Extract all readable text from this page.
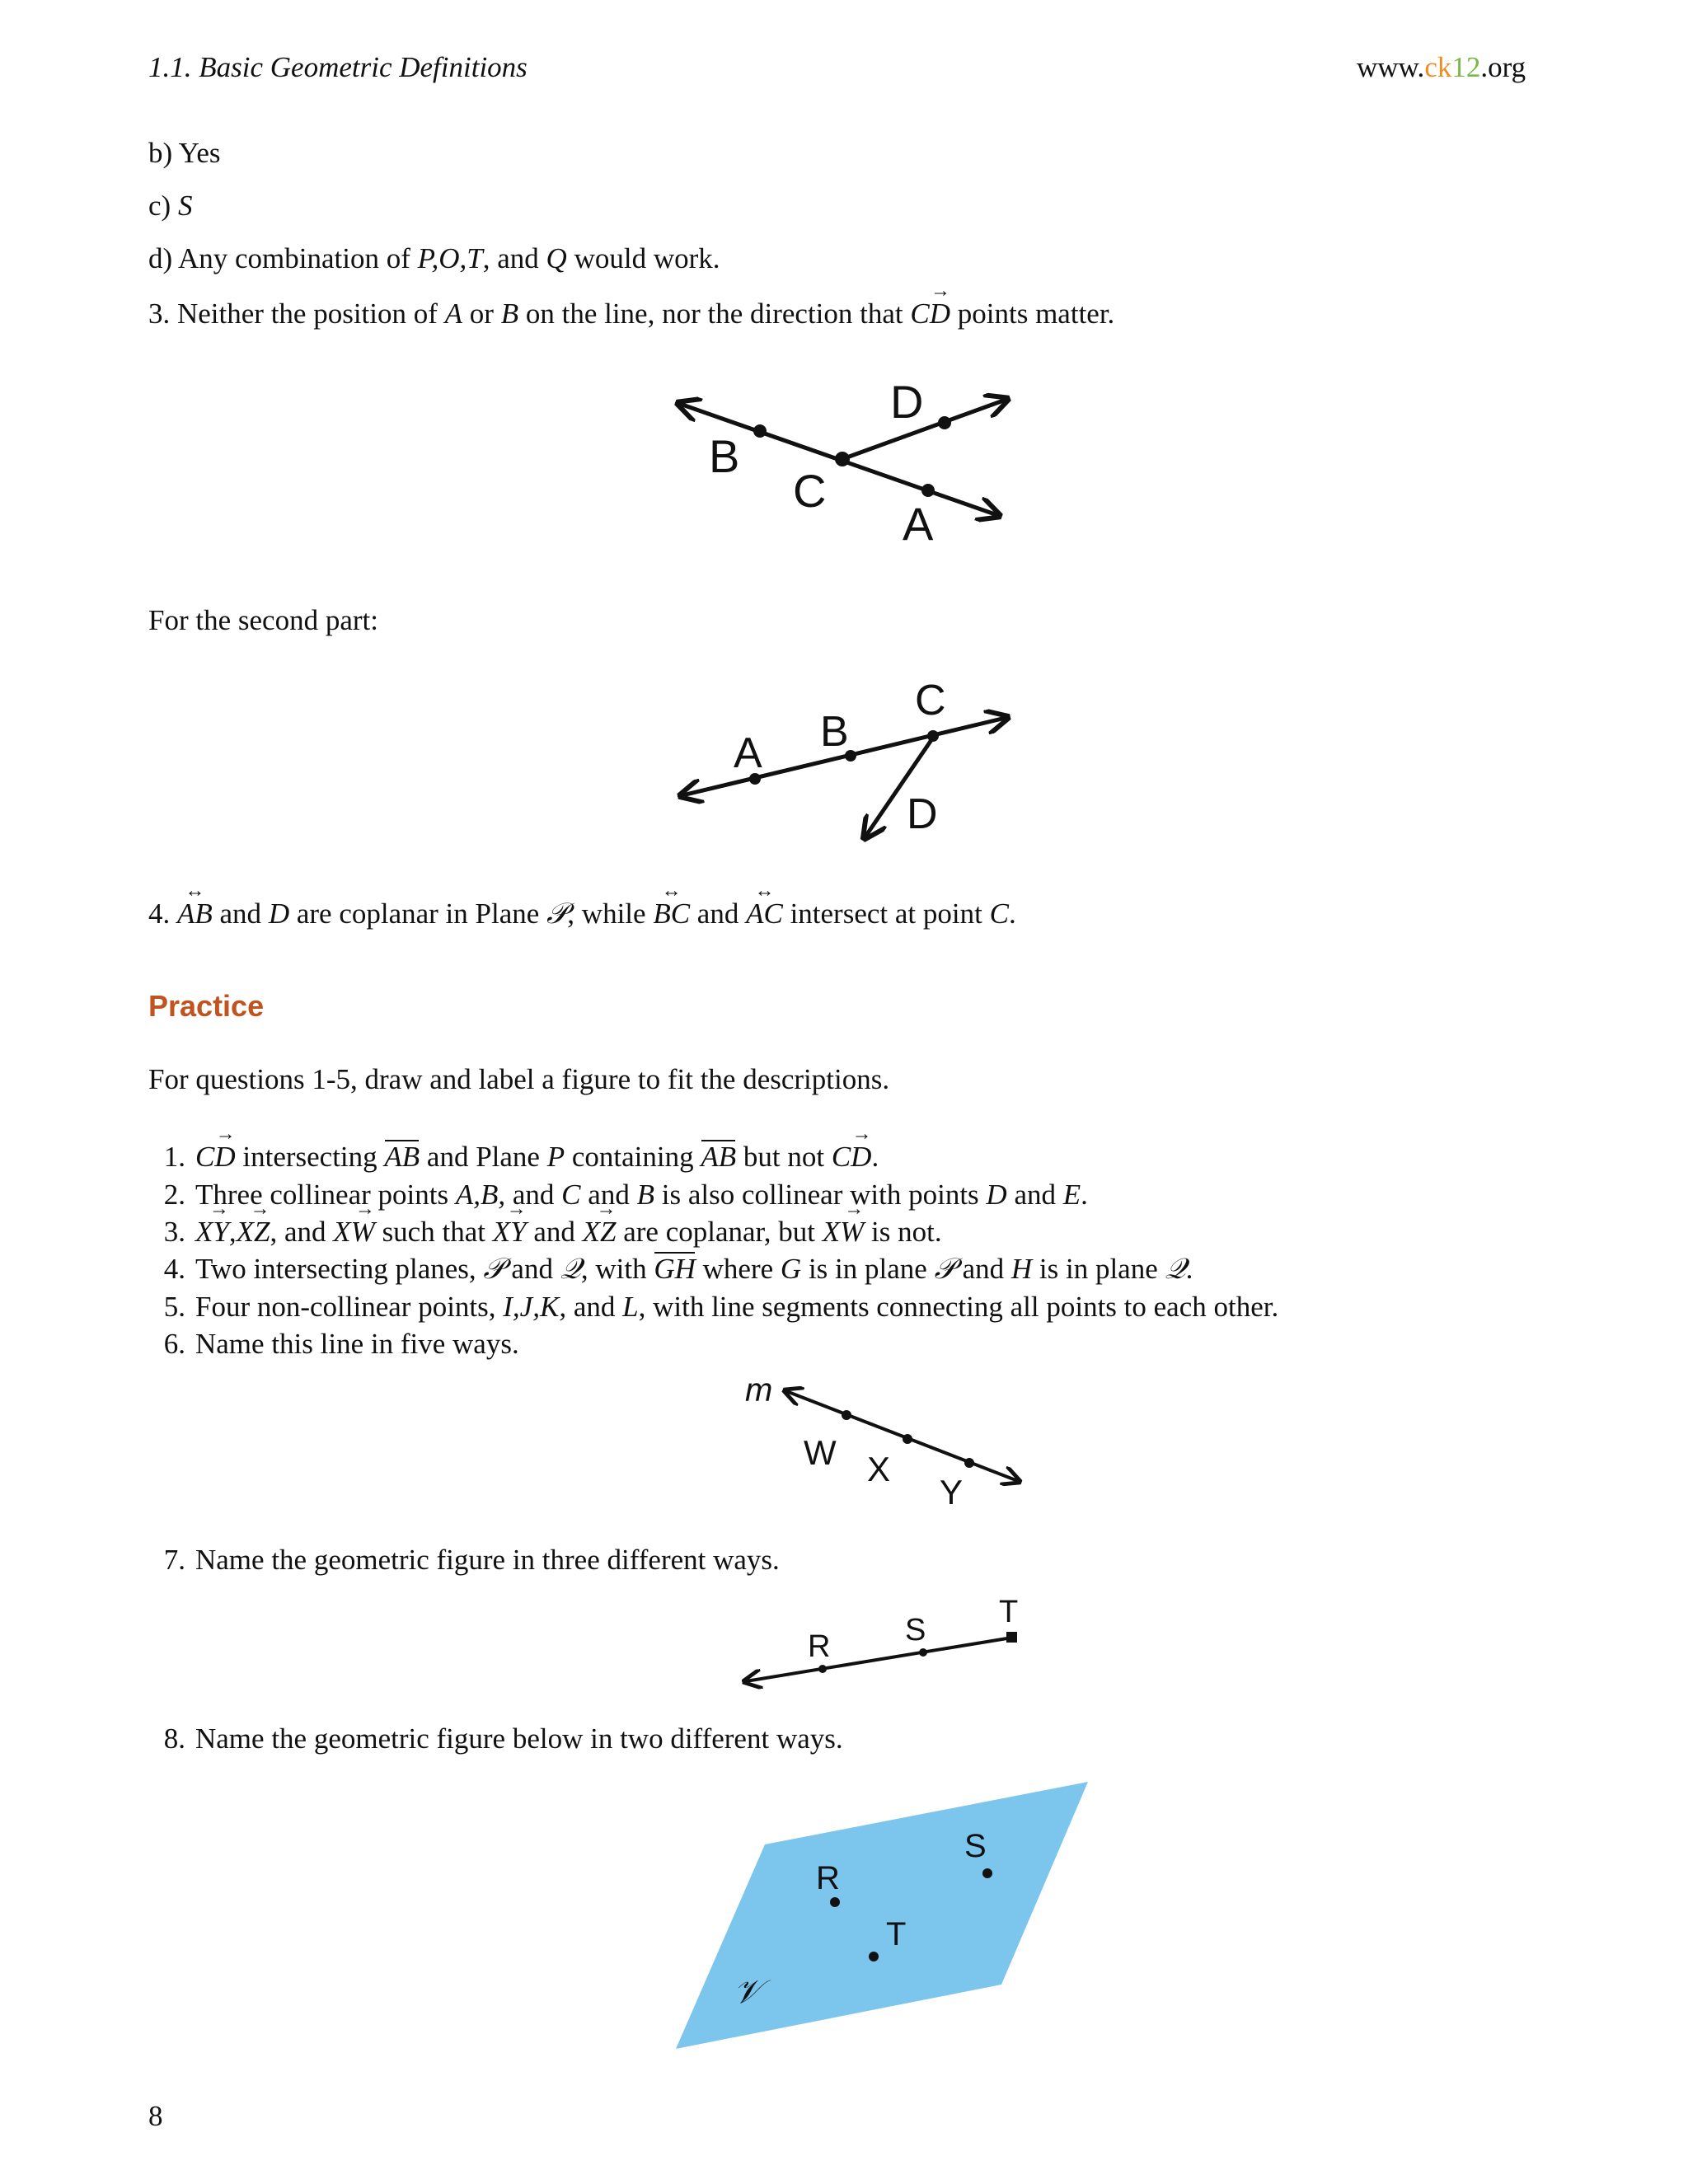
1.1. Basic Geometric Definitions	www.ck12.org
b) Yes
c) S
d) Any combination of P,O,T, and Q would work.
3. Neither the position of A or B on the line, nor the direction that CD → points matter.
B
C
D
A
For the second part:
A B
C
D
4. AB ↔ and D are coplanar in Plane 𝒫, while BC ↔ and AC ↔ intersect at point C.
Practice
For questions 1-5, draw and label a figure to fit the descriptions.
1. CD → intersecting AB and Plane P containing AB but not CD →.
2. Three collinear points A,B, and C and B is also collinear with points D and E.
3. XY →,XZ →, and XW → such that XY → and XZ → are coplanar, but XW → is not.
4. Two intersecting planes, 𝒫 and 𝒬, with GH where G is in plane 𝒫 and H is in plane 𝒬.
5. Four non-collinear points, I,J,K, and L, with line segments connecting all points to each other.
6. Name this line in five ways.
m
W X
Y
7. Name the geometric figure in three different ways.
R S
T
8. Name the geometric figure below in two different ways.
R
T
S
𝒱
8
